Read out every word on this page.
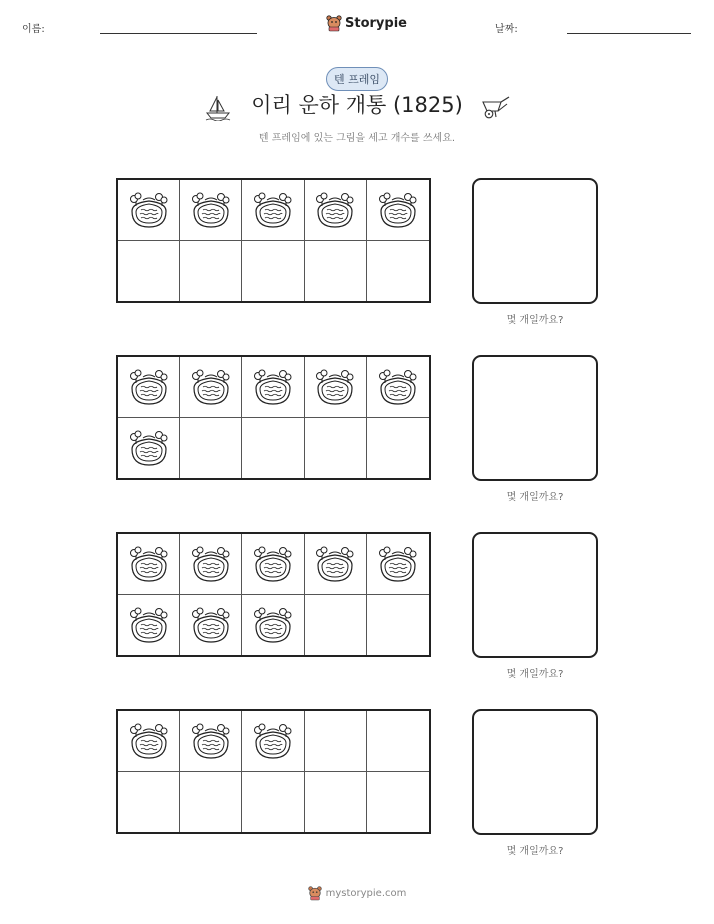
이름:	날짜:
Storypie
텐 프레임
이리 운하 개통 (1825)
텐 프레임에 있는 그림을 세고 개수를 쓰세요.
몇 개일까요?
몇 개일까요?
몇 개일까요?
몇 개일까요?
mystorypie.com
